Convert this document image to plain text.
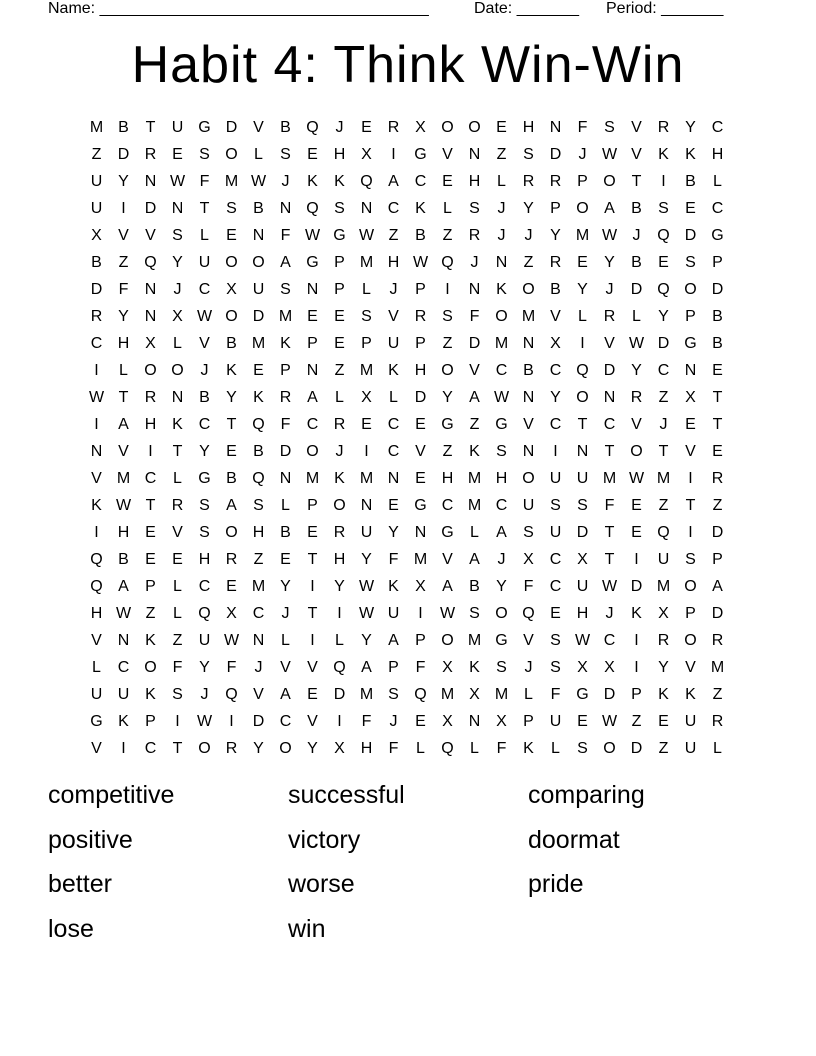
Name: _____________________________________	Date: _______ Period: _______
Habit 4: Think Win-Win
M B	T	U G D V	B Q	J	E R X O O E H N	F	S	V R Y C
Z	D R E	S O	L	S	E H X	I	G V N	Z	S D	J W V	K	K H
U Y N W F M W J	K	K Q A C E H	L	R R P O T	I	B	L
U	I	D N	T	S	B N Q S N C K	L	S	J	Y	P O A	B	S	E C
X	V	V	S	L	E N	F W G W Z	B	Z	R	J	J	Y M W J	Q D G
B	Z Q Y U O O A G P M H W Q	J	N	Z	R E	Y	B	E	S	P
D	F	N	J	C X U S N P	L	J	P	I	N K O B	Y	J	D Q O D
R Y N X W O D M E	E	S	V R S	F O M V	L	R	L	Y	P	B
C H X	L	V	B M K	P	E	P U P	Z	D M N X	I	V W D G B
I	L	O O	J	K	E	P N	Z M K H O V C B C Q D Y C N E
W T	R N B	Y	K R A	L	X	L	D Y	A W N Y O N R	Z	X	T
I	A H K C	T Q F	C R E C E G Z G V C	T	C V	J	E	T
N V	I	T	Y	E	B D O	J	I	C V	Z	K	S N	I	N	T O T	V	E
V M C	L	G B Q N M K M N E H M H O U U M W M	I	R
K W T	R S	A	S	L	P O N E G C M C U S	S	F	E	Z	T	Z
I	H E	V	S O H B	E R U Y N G	L	A	S U D	T	E Q	I	D
Q B	E	E H R	Z	E	T	H Y	F M V	A	J	X C X	T	I	U S	P
Q A	P	L	C E M Y	I	Y W K	X	A	B	Y	F	C U W D M O A
H W Z	L	Q X C	J	T	I	W U	I	W S O Q E H	J	K	X	P D
V N K	Z	U W N	L	I	L	Y	A	P O M G V	S W C	I	R O R
L	C O F	Y	F	J	V	V Q A	P	F	X	K	S	J	S	X	X	I	Y	V M
U U K	S	J	Q V	A	E D M S Q M X M L	F G D P	K	K	Z
G K	P	I	W	I	D C V	I	F	J	E	X N X	P U E W Z	E U R
V	I	C	T O R Y O Y	X H	F	L	Q	L	F	K	L	S O D	Z	U	L
competitive	successful	comparing
positive	victory	doormat
better	worse	pride
lose	win
